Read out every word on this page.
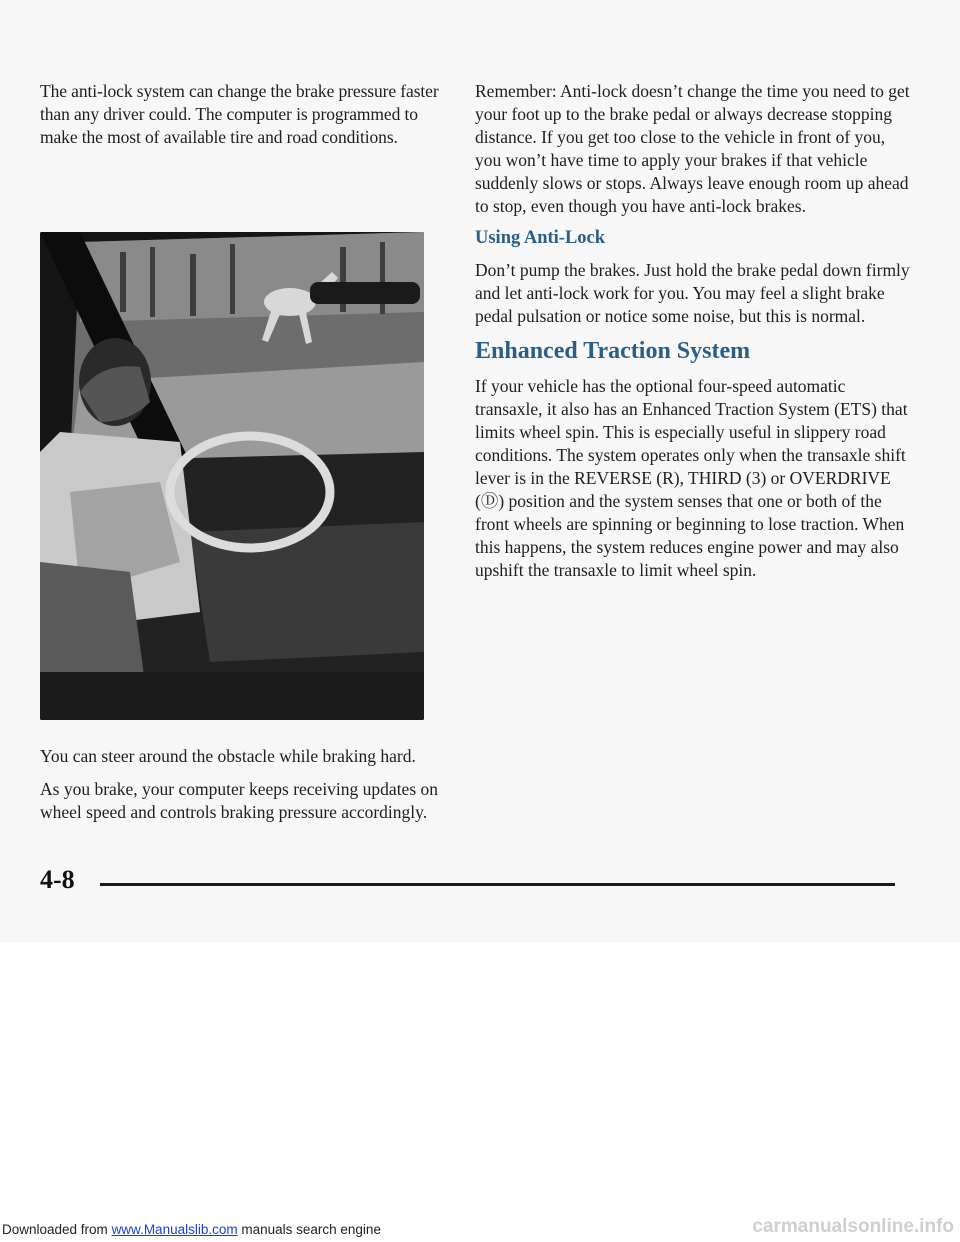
The anti-lock system can change the brake pressure faster than any driver could. The computer is programmed to make the most of available tire and road conditions.

You can steer around the obstacle while braking hard.

As you brake, your computer keeps receiving updates on wheel speed and controls braking pressure accordingly.

Remember: Anti-lock doesn’t change the time you need to get your foot up to the brake pedal or always decrease stopping distance. If you get too close to the vehicle in front of you, you won’t have time to apply your brakes if that vehicle suddenly slows or stops. Always leave enough room up ahead to stop, even though you have anti-lock brakes.

Using Anti-Lock

Don’t pump the brakes. Just hold the brake pedal down firmly and let anti-lock work for you. You may feel a slight brake pedal pulsation or notice some noise, but this is normal.

Enhanced Traction System

If your vehicle has the optional four-speed automatic transaxle, it also has an Enhanced Traction System (ETS) that limits wheel spin. This is especially useful in slippery road conditions. The system operates only when the transaxle shift lever is in the REVERSE (R), THIRD (3) or OVERDRIVE (Ⓓ) position and the system senses that one or both of the front wheels are spinning or beginning to lose traction. When this happens, the system reduces engine power and may also upshift the transaxle to limit wheel spin.

4-8
Downloaded from www.Manualslib.com manuals search engine	carmanualsonline.info
